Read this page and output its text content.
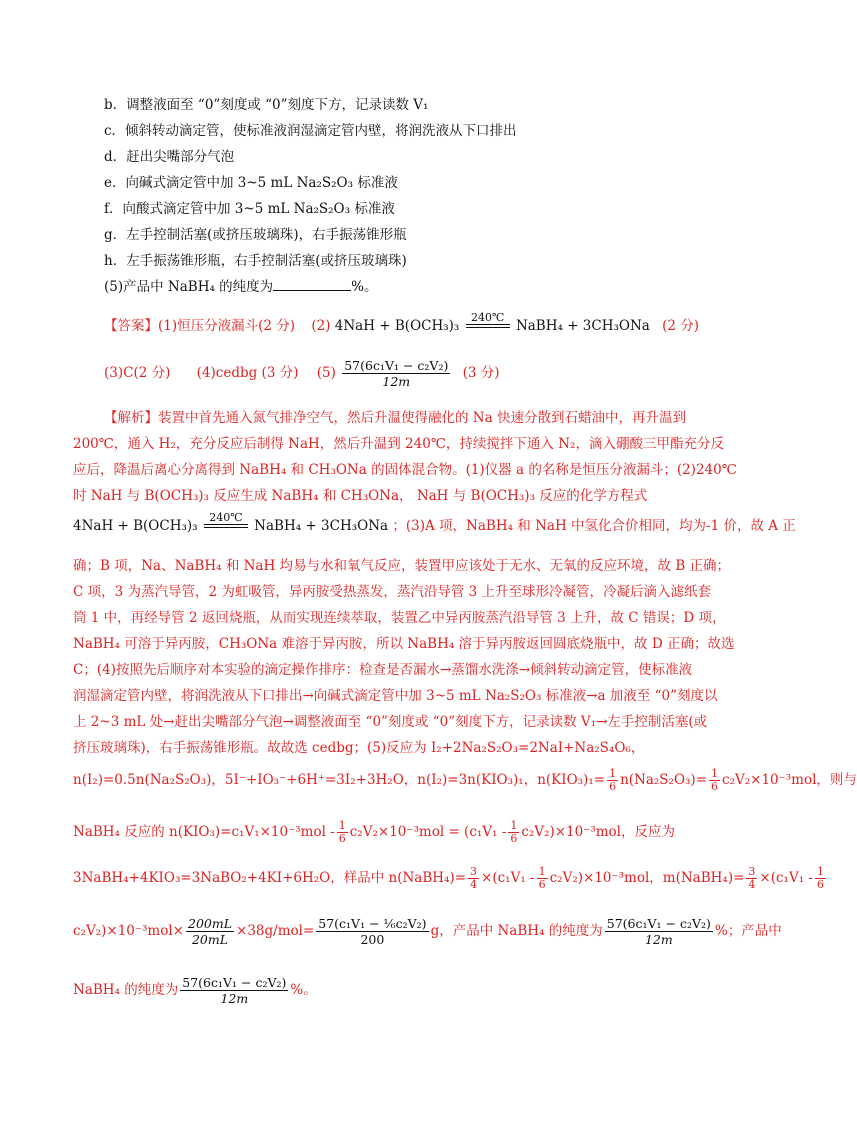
b．调整液面至 “0”刻度或 “0”刻度下方，记录读数 V₁
c．倾斜转动滴定管，使标准液润湿滴定管内壁，将润洗液从下口排出
d．赶出尖嘴部分气泡
e．向碱式滴定管中加 3~5 mL Na₂S₂O₃ 标准液
f．向酸式滴定管中加 3~5 mL Na₂S₂O₃ 标准液
g．左手控制活塞(或挤压玻璃珠)，右手振荡锥形瓶
h．左手振荡锥形瓶，右手控制活塞(或挤压玻璃珠)
(5)产品中 NaBH₄ 的纯度为	%。
【答案】(1)恒压分液漏斗(2 分) (2) 4NaH + B(OCH₃)₃
240℃
NaBH₄ + 3CH₃ONa (2 分)
(3)C(2 分) (4)cedbg (3 分) $(5) \frac{\text{57(6c₁V₁ − c₂V₂)}}{12m} (3$ 分)
【解析】装置中首先通入氮气排净空气，然后升温使得融化的 Na 快速分散到石蜡油中，再升温到
200℃，通入 H₂，充分反应后制得 NaH，然后升温到 240℃，持续搅拌下通入 N₂，滴入硼酸三甲酯充分反
应后，降温后离心分离得到 NaBH₄ 和 CH₃ONa 的固体混合物。(1)仪器 a 的名称是恒压分液漏斗；(2)240℃
时 NaH 与 B(OCH₃)₃ 反应生成 NaBH₄ 和 CH₃ONa， NaH 与 B(OCH₃)₃ 反应的化学方程式
4NaH + B(OCH₃)₃
240℃
NaBH₄ + 3CH₃ONa ；(3)A 项，NaBH₄ 和 NaH 中氢化合价相同，均为-1 价，故 A 正
确；B 项，Na、NaBH₄ 和 NaH 均易与水和氧气反应，装置甲应该处于无水、无氧的反应环境，故 B 正确；
C 项，3 为蒸汽导管，2 为虹吸管，异丙胺受热蒸发，蒸汽沿导管 3 上升至球形冷凝管，冷凝后滴入滤纸套
筒 1 中，再经导管 2 返回烧瓶，从而实现连续萃取，装置乙中异丙胺蒸汽沿导管 3 上升，故 C 错误；D 项，
NaBH₄ 可溶于异丙胺，CH₃ONa 难溶于异丙胺，所以 NaBH₄ 溶于异丙胺返回圆底烧瓶中，故 D 正确；故选
C；(4)按照先后顺序对本实验的滴定操作排序：检查是否漏水→蒸馏水洗涤→倾斜转动滴定管，使标准液
润湿滴定管内壁，将润洗液从下口排出→向碱式滴定管中加 3~5 mL Na₂S₂O₃ 标准液→a 加液至 “0”刻度以
上 2~3 mL 处→赶出尖嘴部分气泡→调整液面至 “0”刻度或 “0”刻度下方，记录读数 V₁→左手控制活塞(或
挤压玻璃珠)，右手振荡锥形瓶。故故选 cedbg；(5)反应为 I₂+2Na₂S₂O₃=2NaI+Na₂S₄O₆，
n(I₂)=0.5n(Na₂S₂O₃)，5I⁻+IO₃⁻+6H⁺=3I₂+3H₂O，n(I₂)=3n(KIO₃)₁，$n(KIO_3)_1= \frac{1}{6} n(Na_2S_2O_3)= \frac{1}{6} c_2V_2\times 10^{-3}mol$，则与
NaBH₄ 反应的 $n(KIO_3)=c_1V_1\times 10^{-3}mol - \frac{1}{6} c_2V_2\times 10^{-3}mol = (c_1V_1 - \frac{1}{6} c_2V_2)\times 10^{-3}mol$，反应为
3NaBH₄+4KIO₃=3NaBO₂+4KI+6H₂O，样品中 n(NaBH₄)= $\frac{3}{4} \times(c_1V_1 - \frac{1}{6} c_2V_2)\times 10^{-3}mol$，m(NaBH₄)= $\frac{3}{4} \times(c_1V_1 - \frac{1}{6}$
$c_2V_2)\times 10^{-3}mol\times \frac{200mL}{20mL} \times 38g/mol= \frac{\text{57(c₁V₁ − ⅙c₂V₂)}}{200}$ g，产品中 NaBH₄ 的纯度为 $\frac{\text{57(6c₁V₁ − c₂V₂)}}{12m}$ %；产品中
NaBH₄ 的纯度为 $\frac{\text{57(6c₁V₁ − c₂V₂)}}{12m}$ %。
